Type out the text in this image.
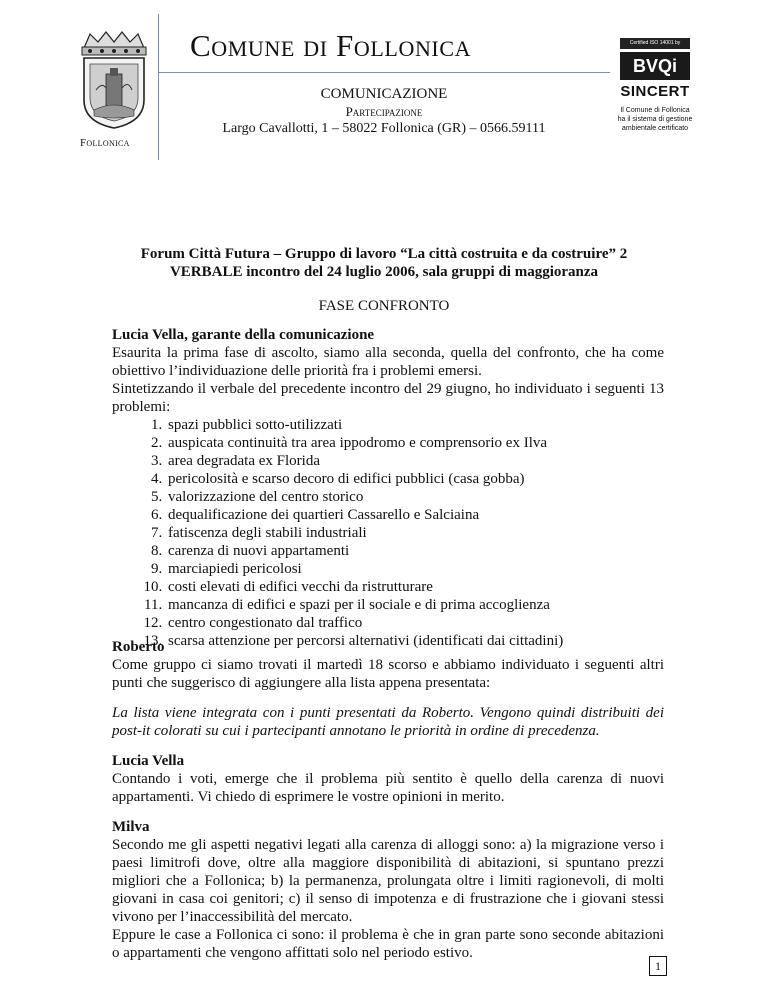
Follonica
Comune di Follonica
COMUNICAZIONE
Partecipazione
Largo Cavallotti, 1 – 58022 Follonica (GR) – 0566.59111
Certified ISO 14001 by
BVQi
SINCERT
Il Comune di Follonica ha il sistema di gestione ambientale certificato
Forum Città Futura – Gruppo di lavoro “La città costruita e da costruire” 2
VERBALE incontro del 24 luglio 2006, sala gruppi di maggioranza
FASE CONFRONTO
Lucia Vella, garante della comunicazione
Esaurita la prima fase di ascolto, siamo alla seconda, quella del confronto, che ha come obiettivo l’individuazione delle priorità fra i problemi emersi.
Sintetizzando il verbale del precedente incontro del 29 giugno, ho individuato i seguenti 13 problemi:
1. spazi pubblici sotto-utilizzati
2. auspicata continuità tra area ippodromo e comprensorio ex Ilva
3. area degradata ex Florida
4. pericolosità e scarso decoro di edifici pubblici (casa gobba)
5. valorizzazione del centro storico
6. dequalificazione dei quartieri Cassarello e Salciaina
7. fatiscenza degli stabili industriali
8. carenza di nuovi appartamenti
9. marciapiedi pericolosi
10. costi elevati di edifici vecchi da ristrutturare
11. mancanza di edifici e spazi per il sociale e di prima accoglienza
12. centro congestionato dal traffico
13. scarsa attenzione per percorsi alternativi (identificati dai cittadini)
Roberto
Come gruppo ci siamo trovati il martedì 18 scorso e abbiamo individuato i seguenti altri punti che suggerisco di aggiungere alla lista appena presentata:
La lista viene integrata con i punti presentati da Roberto. Vengono quindi distribuiti dei post-it colorati su cui i partecipanti annotano le priorità in ordine di precedenza.
Lucia Vella
Contando i voti, emerge che il problema più sentito è quello della carenza di nuovi appartamenti. Vi chiedo di esprimere le vostre opinioni in merito.
Milva
Secondo me gli aspetti negativi legati alla carenza di alloggi sono: a) la migrazione verso i paesi limitrofi dove, oltre alla maggiore disponibilità di abitazioni, si spuntano prezzi migliori che a Follonica; b) la permanenza, prolungata oltre i limiti ragionevoli, di molti giovani in casa coi genitori; c) il senso di impotenza e di frustrazione che i giovani stessi vivono per l’inaccessibilità del mercato.
Eppure le case a Follonica ci sono: il problema è che in gran parte sono seconde abitazioni o appartamenti che vengono affittati solo nel periodo estivo.
1
